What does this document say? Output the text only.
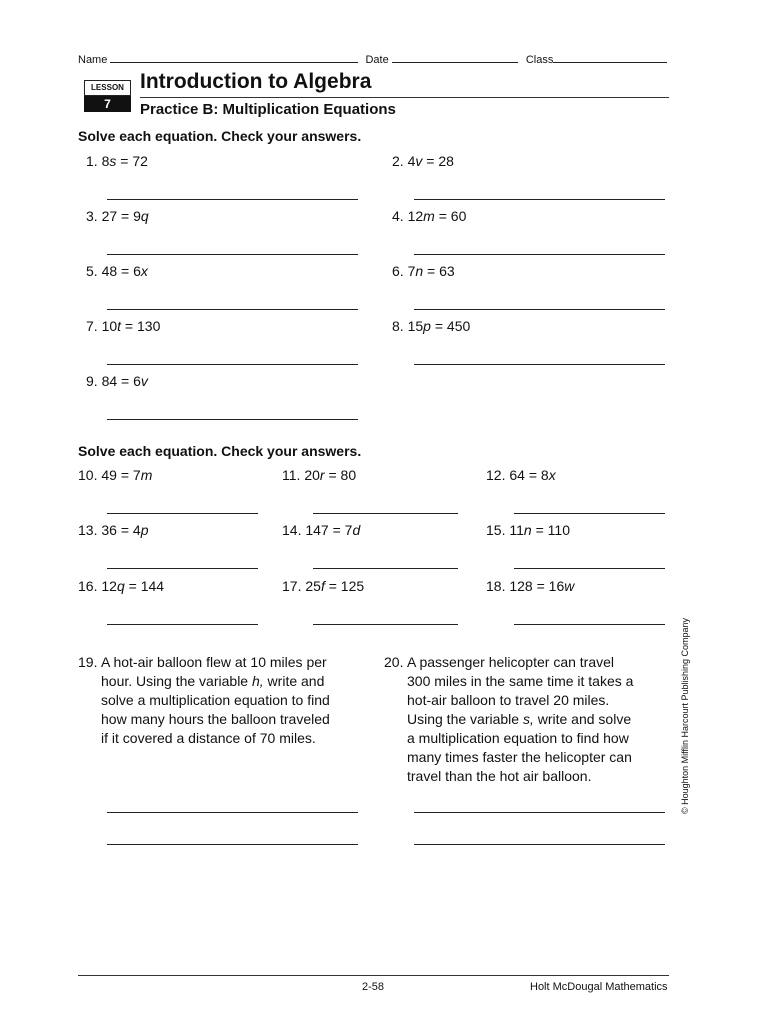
Name	Date	Class
LESSON
7
Introduction to Algebra
Practice B: Multiplication Equations
Solve each equation. Check your answers.
1. 8s = 72	2. 4v = 28
3. 27 = 9q	4. 12m = 60
5. 48 = 6x	6. 7n = 63
7. 10t = 130	8. 15p = 450
9. 84 = 6v
Solve each equation. Check your answers.
10. 49 = 7m	11. 20r = 80	12. 64 = 8x
13. 36 = 4p	14. 147 = 7d	15. 11n = 110
16. 12q = 144	17. 25f = 125	18. 128 = 16w
19. A hot-air balloon flew at 10 miles per
hour. Using the variable h, write and
solve a multiplication equation to find
how many hours the balloon traveled
if it covered a distance of 70 miles.
20. A passenger helicopter can travel
300 miles in the same time it takes a
hot-air balloon to travel 20 miles.
Using the variable s, write and solve
a multiplication equation to find how
many times faster the helicopter can
travel than the hot air balloon.	© Houghton Mifflin Harcourt Publishing Company
2-58	Holt McDougal Mathematics
